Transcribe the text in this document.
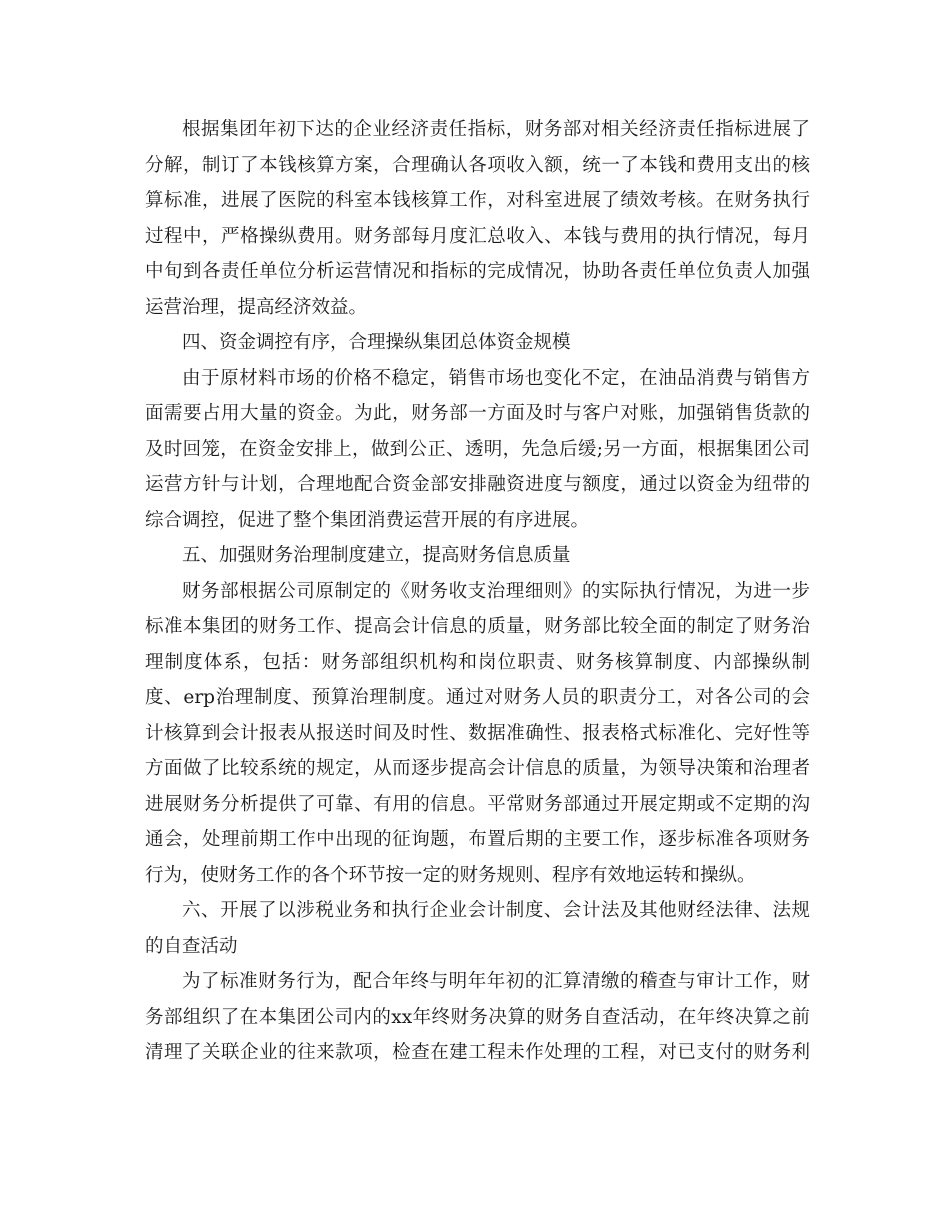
根据集团年初下达的企业经济责任指标，财务部对相关经济责任指标进展了
分解，制订了本钱核算方案，合理确认各项收入额，统一了本钱和费用支出的核
算标准，进展了医院的科室本钱核算工作，对科室进展了绩效考核。在财务执行
过程中，严格操纵费用。财务部每月度汇总收入、本钱与费用的执行情况，每月
中旬到各责任单位分析运营情况和指标的完成情况，协助各责任单位负责人加强
运营治理，提高经济效益。
四、资金调控有序，合理操纵集团总体资金规模
由于原材料市场的价格不稳定，销售市场也变化不定，在油品消费与销售方
面需要占用大量的资金。为此，财务部一方面及时与客户对账，加强销售货款的
及时回笼，在资金安排上，做到公正、透明，先急后缓;另一方面，根据集团公司
运营方针与计划，合理地配合资金部安排融资进度与额度，通过以资金为纽带的
综合调控，促进了整个集团消费运营开展的有序进展。
五、加强财务治理制度建立，提高财务信息质量
财务部根据公司原制定的《财务收支治理细则》的实际执行情况，为进一步
标准本集团的财务工作、提高会计信息的质量，财务部比较全面的制定了财务治
理制度体系，包括：财务部组织机构和岗位职责、财务核算制度、内部操纵制
度、erp治理制度、预算治理制度。通过对财务人员的职责分工，对各公司的会
计核算到会计报表从报送时间及时性、数据准确性、报表格式标准化、完好性等
方面做了比较系统的规定，从而逐步提高会计信息的质量，为领导决策和治理者
进展财务分析提供了可靠、有用的信息。平常财务部通过开展定期或不定期的沟
通会，处理前期工作中出现的征询题，布置后期的主要工作，逐步标准各项财务
行为，使财务工作的各个环节按一定的财务规则、程序有效地运转和操纵。
六、开展了以涉税业务和执行企业会计制度、会计法及其他财经法律、法规
的自查活动
为了标准财务行为，配合年终与明年年初的汇算清缴的稽查与审计工作，财
务部组织了在本集团公司内的xx年终财务决算的财务自查活动，在年终决算之前
清理了关联企业的往来款项，检查在建工程未作处理的工程，对已支付的财务利
